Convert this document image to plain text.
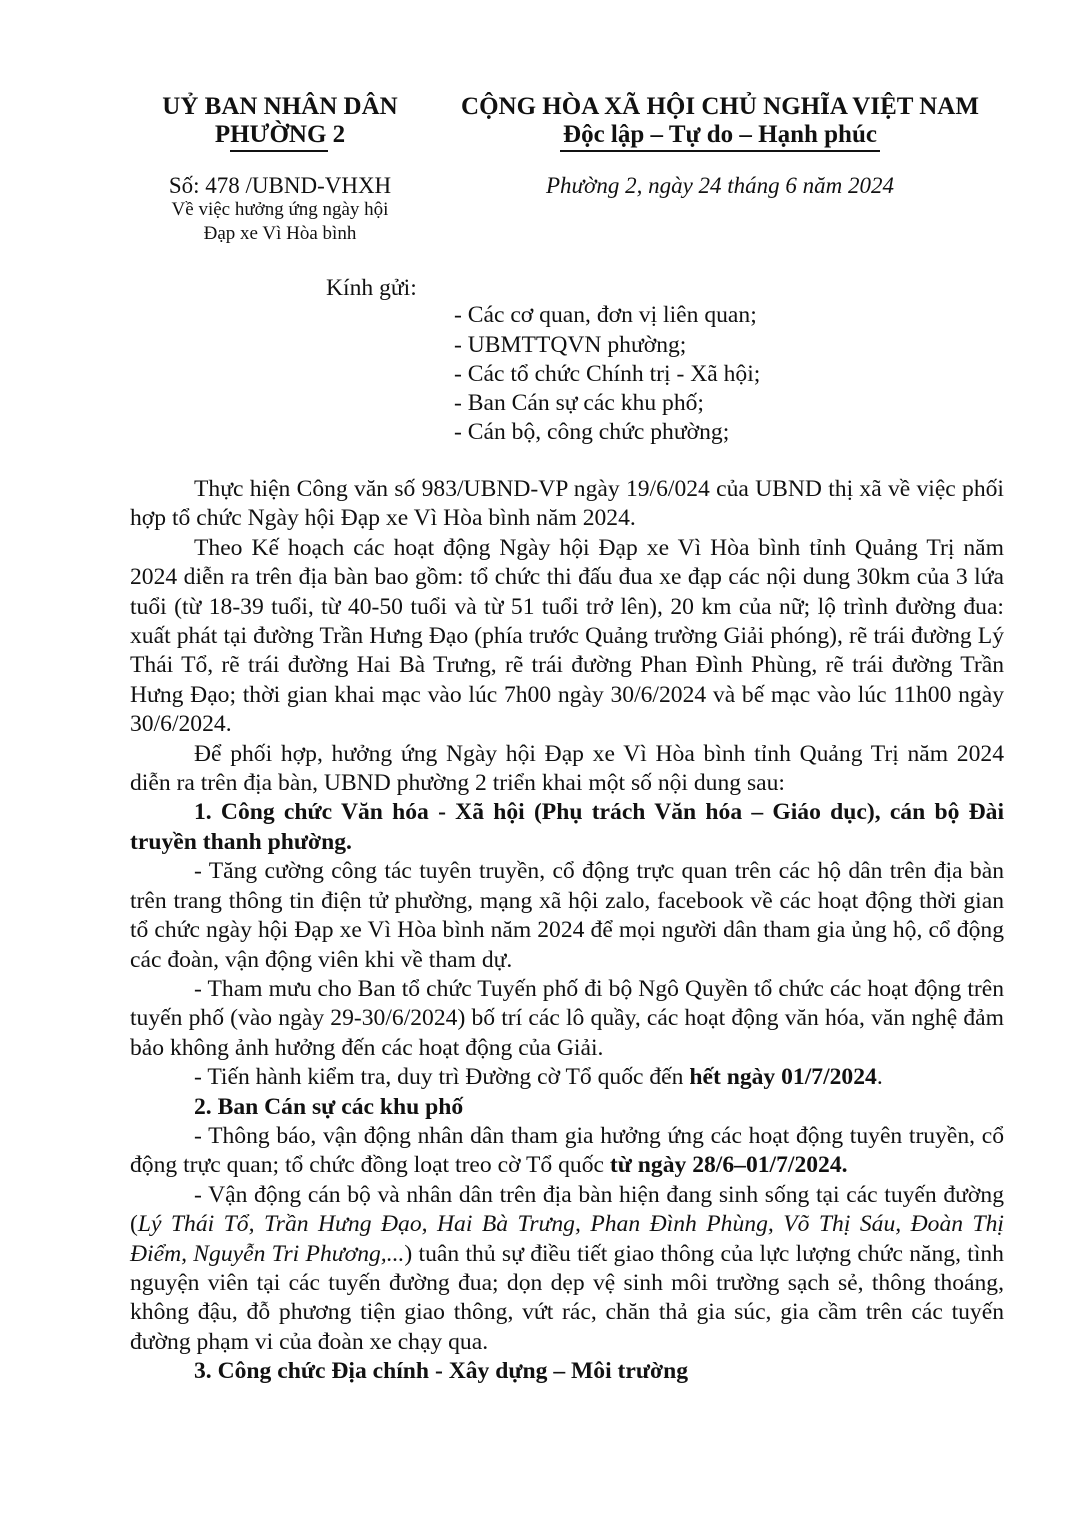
UỶ BAN NHÂN DÂN
PHƯỜNG 2
CỘNG HÒA XÃ HỘI CHỦ NGHĨA VIỆT NAM
Độc lập – Tự do – Hạnh phúc
Số: 478 /UBND-VHXH
Về việc hưởng ứng ngày hội
Đạp xe Vì Hòa bình
Phường 2, ngày 24 tháng 6 năm 2024
Kính gửi:
- Các cơ quan, đơn vị liên quan;
- UBMTTQVN phường;
- Các tổ chức Chính trị - Xã hội;
- Ban Cán sự các khu phố;
- Cán bộ, công chức phường;

Thực hiện Công văn số 983/UBND-VP ngày 19/6/024 của UBND thị xã về việc phối hợp tổ chức Ngày hội Đạp xe Vì Hòa bình năm 2024.

Theo Kế hoạch các hoạt động Ngày hội Đạp xe Vì Hòa bình tỉnh Quảng Trị năm 2024 diễn ra trên địa bàn bao gồm: tổ chức thi đấu đua xe đạp các nội dung 30km của 3 lứa tuổi (từ 18-39 tuổi, từ 40-50 tuổi và từ 51 tuổi trở lên), 20 km của nữ; lộ trình đường đua: xuất phát tại đường Trần Hưng Đạo (phía trước Quảng trường Giải phóng), rẽ trái đường Lý Thái Tổ, rẽ trái đường Hai Bà Trưng, rẽ trái đường Phan Đình Phùng, rẽ trái đường Trần Hưng Đạo; thời gian khai mạc vào lúc 7h00 ngày 30/6/2024 và bế mạc vào lúc 11h00 ngày 30/6/2024.

Để phối hợp, hưởng ứng Ngày hội Đạp xe Vì Hòa bình tỉnh Quảng Trị năm 2024 diễn ra trên địa bàn, UBND phường 2 triển khai một số nội dung sau:

1. Công chức Văn hóa - Xã hội (Phụ trách Văn hóa – Giáo dục), cán bộ Đài truyền thanh phường.

- Tăng cường công tác tuyên truyền, cổ động trực quan trên các hộ dân trên địa bàn trên trang thông tin điện tử phường, mạng xã hội zalo, facebook về các hoạt động thời gian tổ chức ngày hội Đạp xe Vì Hòa bình năm 2024 để mọi người dân tham gia ủng hộ, cổ động các đoàn, vận động viên khi về tham dự.

- Tham mưu cho Ban tổ chức Tuyến phố đi bộ Ngô Quyền tổ chức các hoạt động trên tuyến phố (vào ngày 29-30/6/2024) bố trí các lô quầy, các hoạt động văn hóa, văn nghệ đảm bảo không ảnh hưởng đến các hoạt động của Giải.

- Tiến hành kiểm tra, duy trì Đường cờ Tổ quốc đến hết ngày 01/7/2024.

2. Ban Cán sự các khu phố

- Thông báo, vận động nhân dân tham gia hưởng ứng các hoạt động tuyên truyền, cổ động trực quan; tổ chức đồng loạt treo cờ Tổ quốc từ ngày 28/6–01/7/2024.

- Vận động cán bộ và nhân dân trên địa bàn hiện đang sinh sống tại các tuyến đường (Lý Thái Tổ, Trần Hưng Đạo, Hai Bà Trưng, Phan Đình Phùng, Võ Thị Sáu, Đoàn Thị Điểm, Nguyễn Tri Phương,...) tuân thủ sự điều tiết giao thông của lực lượng chức năng, tình nguyện viên tại các tuyến đường đua; dọn dẹp vệ sinh môi trường sạch sẻ, thông thoáng, không đậu, đỗ phương tiện giao thông, vứt rác, chăn thả gia súc, gia cầm trên các tuyến đường phạm vi của đoàn xe chạy qua.

3. Công chức Địa chính - Xây dựng – Môi trường
